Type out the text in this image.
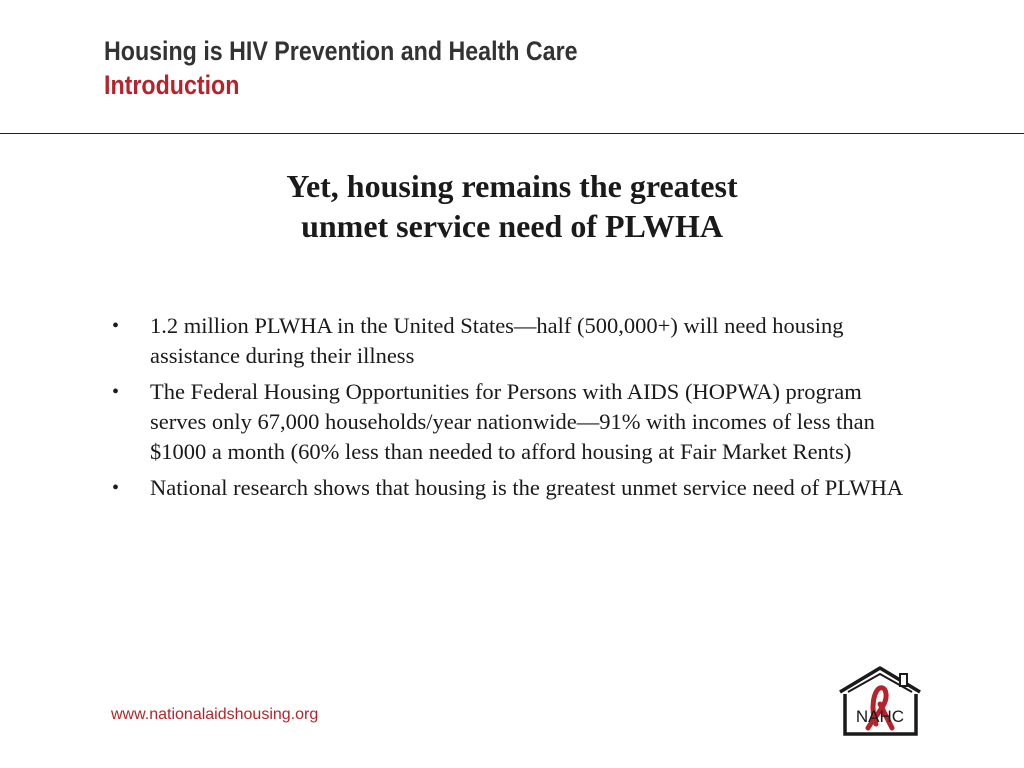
Housing is HIV Prevention and Health Care
Introduction
Yet, housing remains the greatest
unmet service need of PLWHA
• 1.2 million PLWHA in the United States—half (500,000+) will need housing assistance during their illness
• The Federal Housing Opportunities for Persons with AIDS (HOPWA) program serves only 67,000 households/year nationwide—91% with incomes of less than $1000 a month (60% less than needed to afford housing at Fair Market Rents)
• National research shows that housing is the greatest unmet service need of PLWHA
www.nationalaidshousing.org	NAHC
